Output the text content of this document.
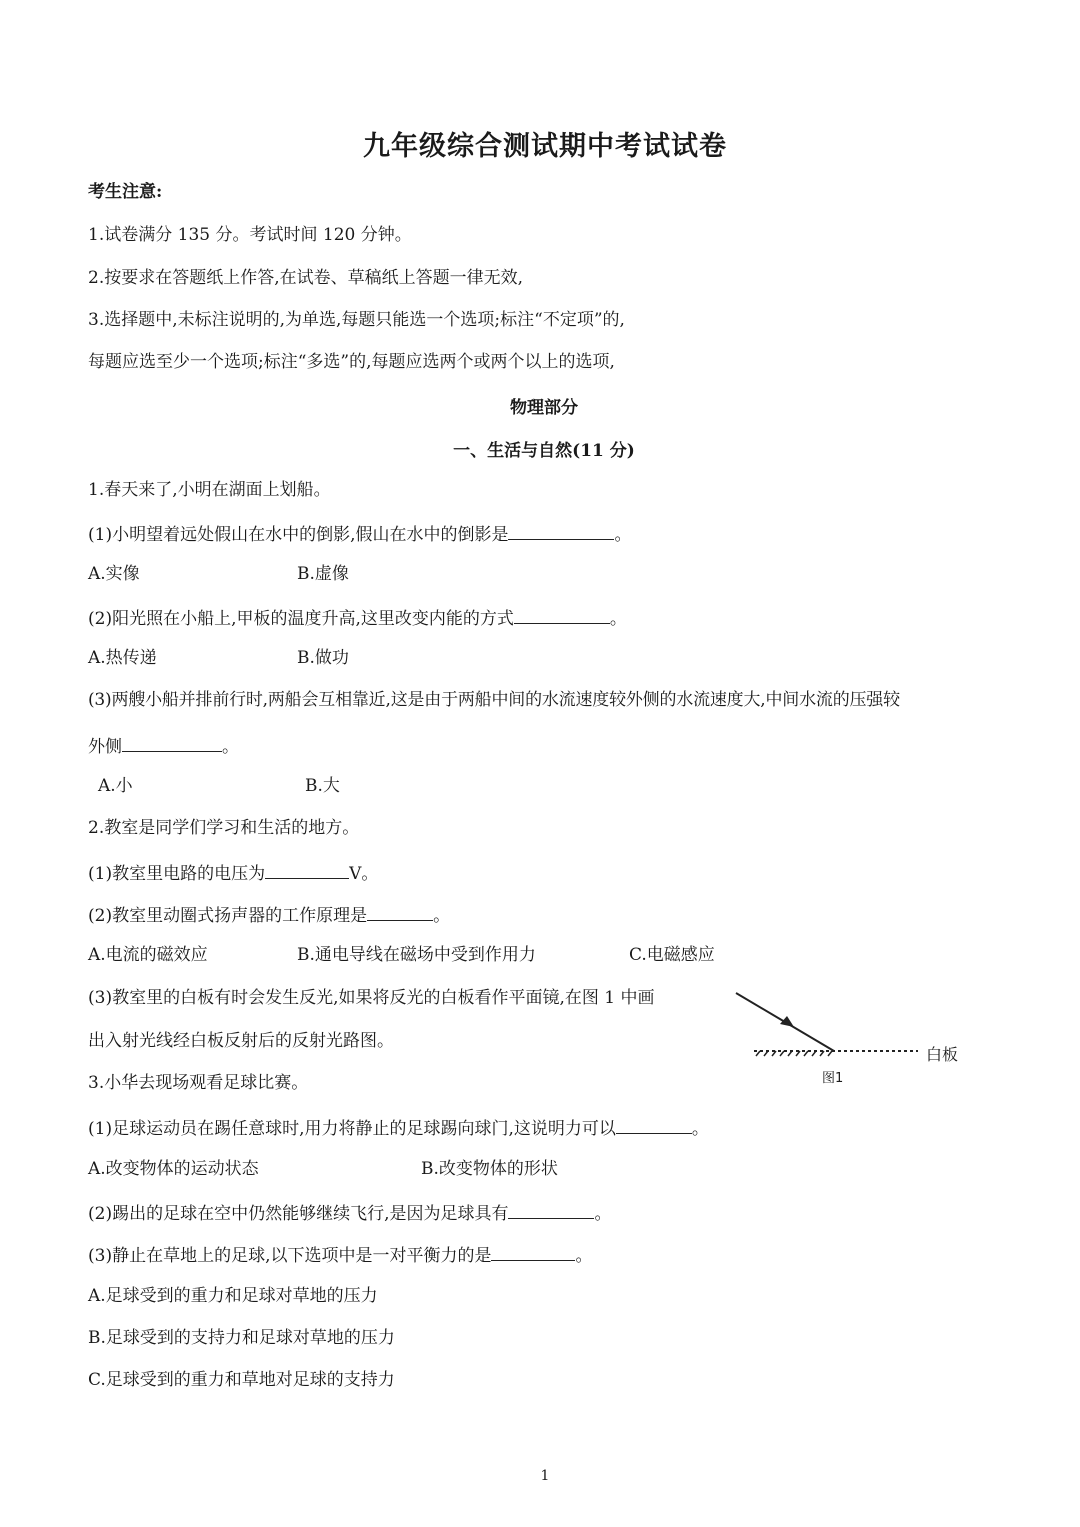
九年级综合测试期中考试试卷
考生注意:
1.试卷满分 135 分。考试时间 120 分钟。
2.按要求在答题纸上作答,在试卷、草稿纸上答题一律无效,
3.选择题中,未标注说明的,为单选,每题只能选一个选项;标注“不定项”的,
每题应选至少一个选项;标注“多选”的,每题应选两个或两个以上的选项,
物理部分
一、生活与自然(11 分)
1.春天来了,小明在湖面上划船。
(1)小明望着远处假山在水中的倒影,假山在水中的倒影是	。
A.实像	B.虚像
(2)阳光照在小船上,甲板的温度升高,这里改变内能的方式	。
A.热传递	B.做功
(3)两艘小船并排前行时,两船会互相靠近,这是由于两船中间的水流速度较外侧的水流速度大,中间水流的压强较
外侧	。
A.小	B.大
2.教室是同学们学习和生活的地方。
(1)教室里电路的电压为	V。
(2)教室里动圈式扬声器的工作原理是	。
A.电流的磁效应	B.通电导线在磁场中受到作用力	C.电磁感应
(3)教室里的白板有时会发生反光,如果将反光的白板看作平面镜,在图 1 中画
出入射光线经白板反射后的反射光路图。
白板
图1
3.小华去现场观看足球比赛。
(1)足球运动员在踢任意球时,用力将静止的足球踢向球门,这说明力可以	。
A.改变物体的运动状态	B.改变物体的形状
(2)踢出的足球在空中仍然能够继续飞行,是因为足球具有	。
(3)静止在草地上的足球,以下选项中是一对平衡力的是	。
A.足球受到的重力和足球对草地的压力
B.足球受到的支持力和足球对草地的压力
C.足球受到的重力和草地对足球的支持力
1
